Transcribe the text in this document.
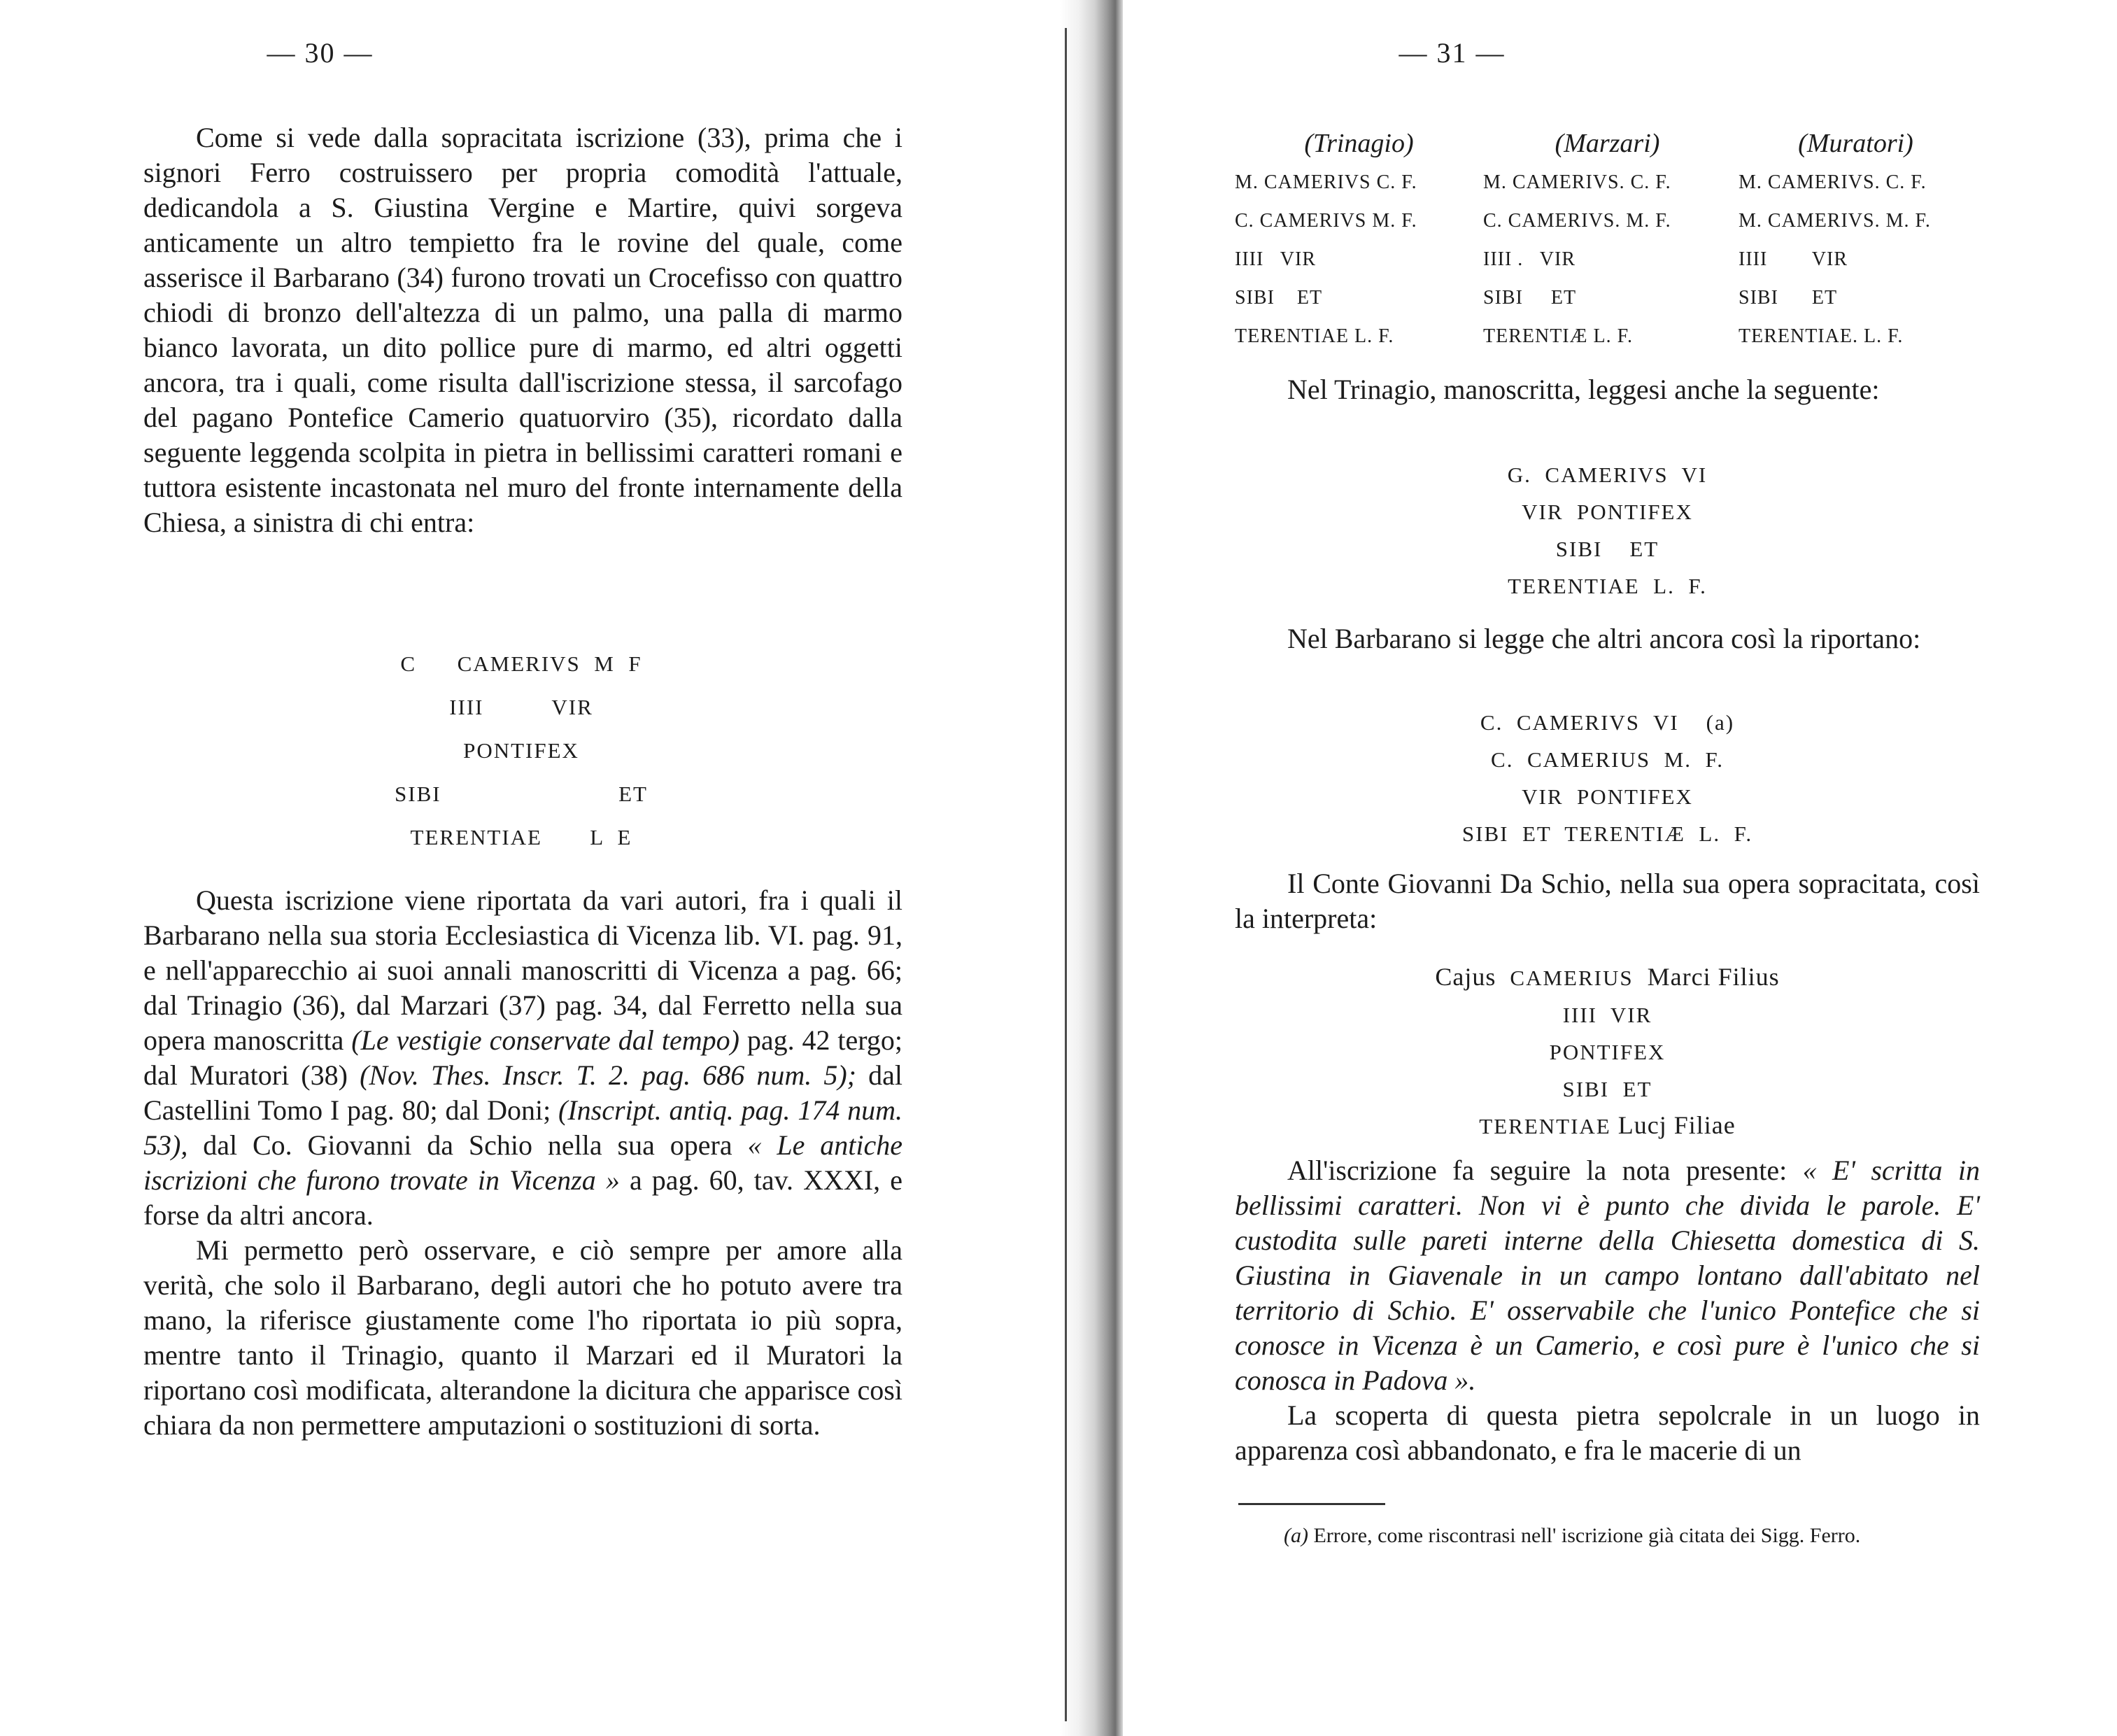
— 30 —

Come si vede dalla sopracitata iscrizione (33), prima che i signori Ferro costruissero per propria comodità l'attuale, dedicandola a S. Giustina Vergine e Martire, quivi sorgeva anticamente un altro tempietto fra le rovine del quale, come asserisce il Barbarano (34) furono trovati un Crocefisso con quattro chiodi di bronzo dell'altezza di un palmo, una palla di marmo bianco lavorata, un dito pollice pure di marmo, ed altri oggetti ancora, tra i quali, come risulta dall'iscrizione stessa, il sarcofago del pagano Pontefice Camerio quatuorviro (35), ricordato dalla seguente leggenda scolpita in pietra in bellissimi caratteri romani e tuttora esistente incastonata nel muro del fronte internamente della Chiesa, a sinistra di chi entra:

C      CAMERIVS  M  F
IIII          VIR
PONTIFEX
SIBI                          ET
TERENTIAE       L  E

Questa iscrizione viene riportata da vari autori, fra i quali il Barbarano nella sua storia Ecclesiastica di Vicenza lib. VI. pag. 91, e nell'apparecchio ai suoi annali manoscritti di Vicenza a pag. 66; dal Trinagio (36), dal Marzari (37) pag. 34, dal Ferretto nella sua opera manoscritta (Le vestigie conservate dal tempo) pag. 42 tergo; dal Muratori (38) (Nov. Thes. Inscr. T. 2. pag. 686 num. 5); dal Castellini Tomo I pag. 80; dal Doni; (Inscript. antiq. pag. 174 num. 53), dal Co. Giovanni da Schio nella sua opera « Le antiche iscrizioni che furono trovate in Vicenza » a pag. 60, tav. XXXI, e forse da altri ancora.

Mi permetto però osservare, e ciò sempre per amore alla verità, che solo il Barbarano, degli autori che ho potuto avere tra mano, la riferisce giustamente come l'ho riportata io più sopra, mentre tanto il Trinagio, quanto il Marzari ed il Muratori la riportano così modificata, alterandone la dicitura che apparisce così chiara da non permettere amputazioni o sostituzioni di sorta.

— 31 —
(Trinagio)	(Marzari)	(Muratori)
M. CAMERIVS C. F.	M. CAMERIVS. C. F.	M. CAMERIVS. C. F.
C. CAMERIVS M. F.	C. CAMERIVS. M. F.	M. CAMERIVS. M. F.
IIII   VIR	IIII .   VIR	IIII        VIR
SIBI    ET	SIBI     ET	SIBI      ET
TERENTIAE L. F.	TERENTIÆ L. F.	TERENTIAE. L. F.

Nel Trinagio, manoscritta, leggesi anche la seguente:

G.  CAMERIVS  VI
VIR  PONTIFEX
SIBI    ET
TERENTIAE  L.  F.

Nel Barbarano si legge che altri ancora così la riportano:

C.  CAMERIVS  VI    (a)
C.  CAMERIUS  M.  F.
VIR  PONTIFEX
SIBI  ET  TERENTIÆ  L.  F.

Il Conte Giovanni Da Schio, nella sua opera sopracitata, così la interpreta:

Cajus  CAMERIUS  Marci Filius
IIII  VIR
PONTIFEX
SIBI  ET
TERENTIAE Lucj Filiae

All'iscrizione fa seguire la nota presente: « E' scritta in bellissimi caratteri. Non vi è punto che divida le parole. E' custodita sulle pareti interne della Chiesetta domestica di S. Giustina in Giavenale in un campo lontano dall'abitato nel territorio di Schio. E' osservabile che l'unico Pontefice che si conosce in Vicenza è un Camerio, e così pure è l'unico che si conosca in Padova ».

La scoperta di questa pietra sepolcrale in un luogo in apparenza così abbandonato, e fra le macerie di un

(a) Errore, come riscontrasi nell' iscrizione già citata dei Sigg. Ferro.
